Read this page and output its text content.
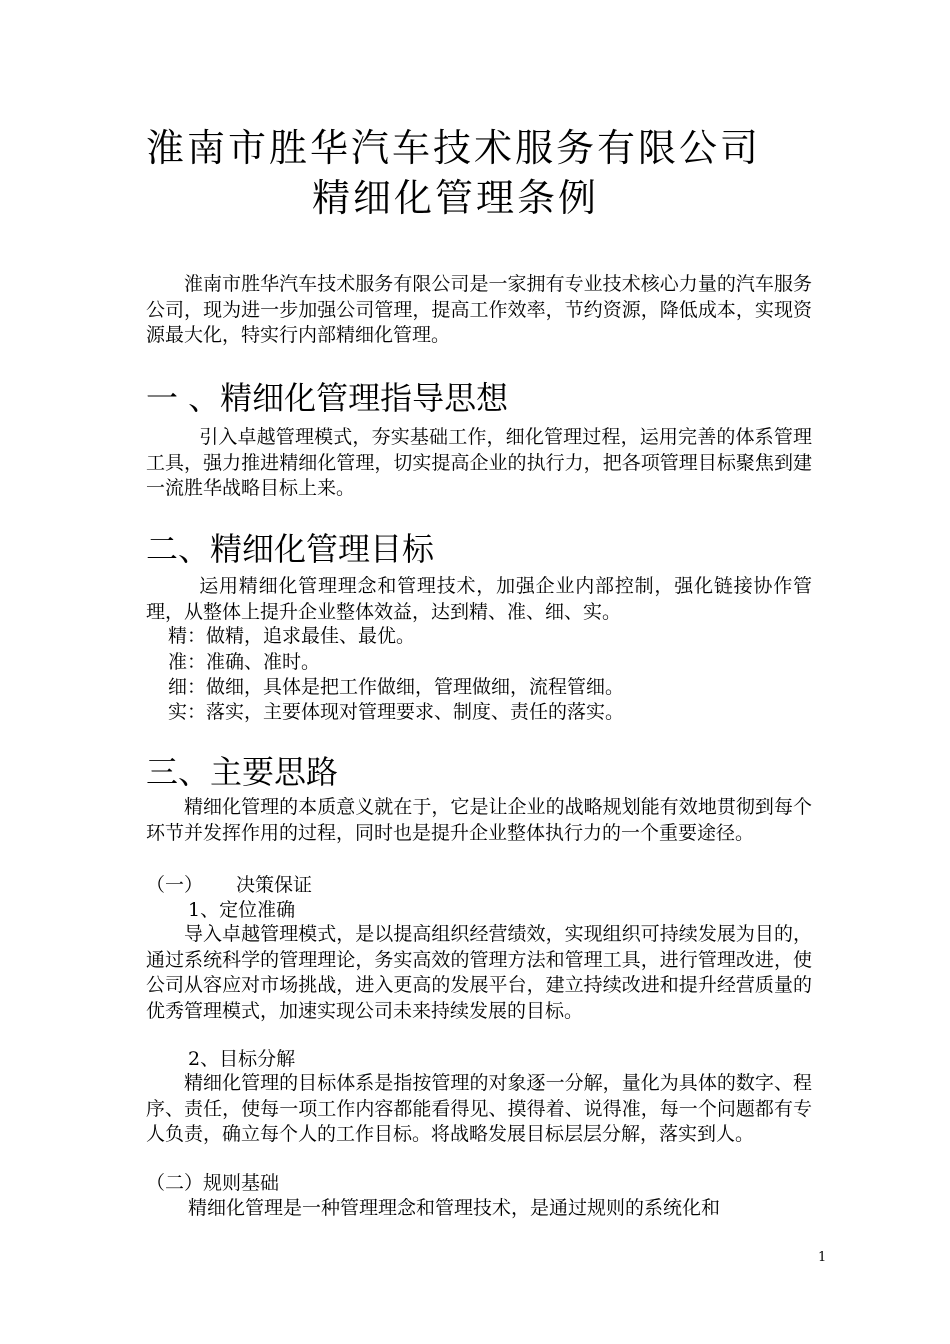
淮南市胜华汽车技术服务有限公司
精细化管理条例
淮南市胜华汽车技术服务有限公司是一家拥有专业技术核心力量的汽车服务公司，现为进一步加强公司管理，提高工作效率，节约资源，降低成本，实现资源最大化，特实行内部精细化管理。
一 、精细化管理指导思想
引入卓越管理模式，夯实基础工作，细化管理过程，运用完善的体系管理工具，强力推进精细化管理，切实提高企业的执行力，把各项管理目标聚焦到建一流胜华战略目标上来。
二、精细化管理目标
运用精细化管理理念和管理技术，加强企业内部控制，强化链接协作管理，从整体上提升企业整体效益，达到精、准、细、实。
精：做精，追求最佳、最优。
准：准确、准时。
细：做细，具体是把工作做细，管理做细，流程管细。
实：落实，主要体现对管理要求、制度、责任的落实。
三、主要思路
精细化管理的本质意义就在于，它是让企业的战略规划能有效地贯彻到每个环节并发挥作用的过程，同时也是提升企业整体执行力的一个重要途径。
（一） 决策保证
1、定位准确
导入卓越管理模式，是以提高组织经营绩效，实现组织可持续发展为目的，通过系统科学的管理理论，务实高效的管理方法和管理工具，进行管理改进，使公司从容应对市场挑战，进入更高的发展平台，建立持续改进和提升经营质量的优秀管理模式，加速实现公司未来持续发展的目标。
2、目标分解
精细化管理的目标体系是指按管理的对象逐一分解，量化为具体的数字、程序、责任，使每一项工作内容都能看得见、摸得着、说得准，每一个问题都有专人负责，确立每个人的工作目标。将战略发展目标层层分解，落实到人。
（二）规则基础
精细化管理是一种管理理念和管理技术，是通过规则的系统化和
1
